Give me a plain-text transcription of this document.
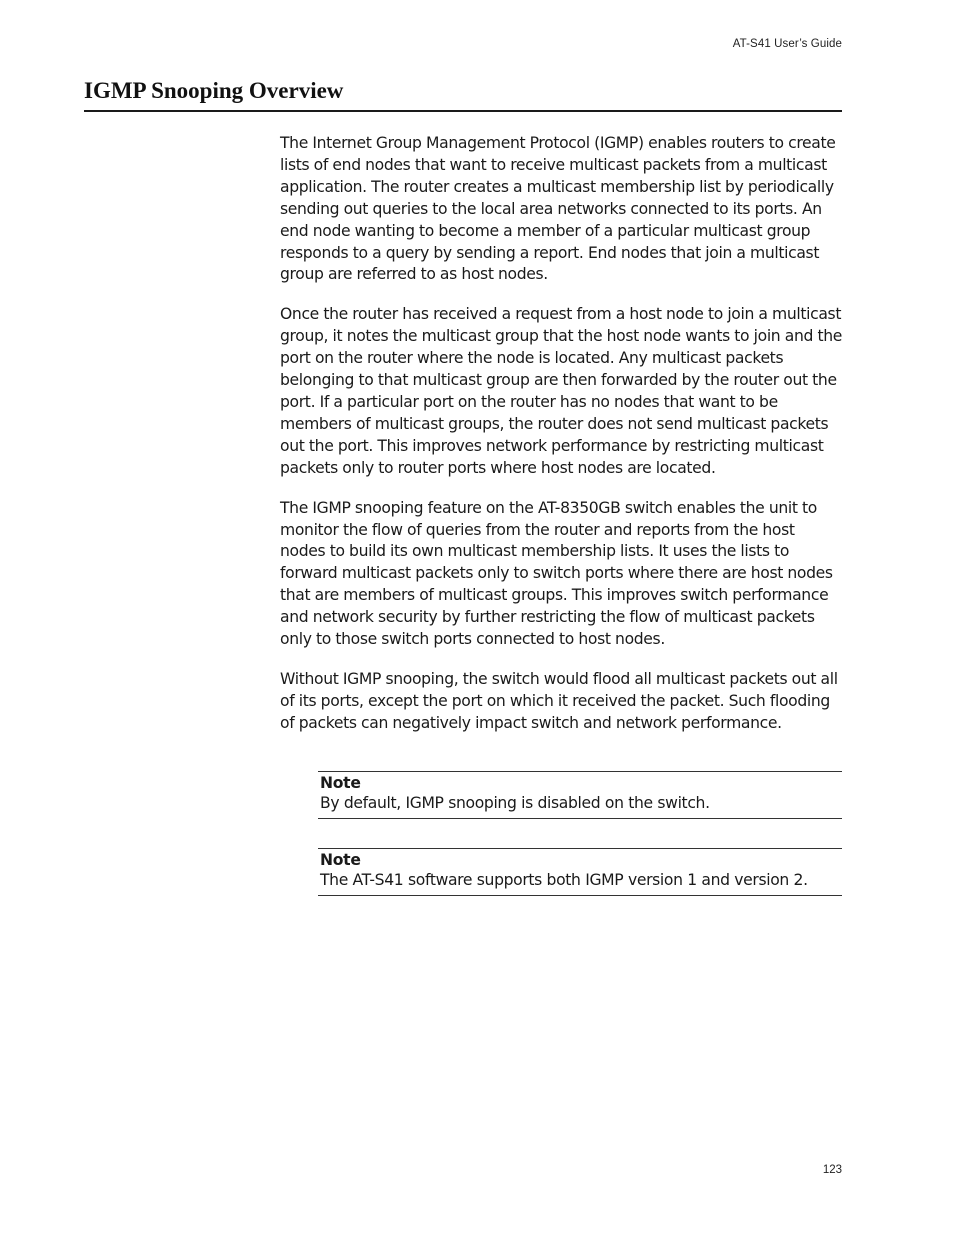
AT-S41 User’s Guide
IGMP Snooping Overview

The Internet Group Management Protocol (IGMP) enables routers to create lists of end nodes that want to receive multicast packets from a multicast application. The router creates a multicast membership list by periodically sending out queries to the local area networks connected to its ports. An end node wanting to become a member of a particular multicast group responds to a query by sending a report. End nodes that join a multicast group are referred to as host nodes.

Once the router has received a request from a host node to join a multicast group, it notes the multicast group that the host node wants to join and the port on the router where the node is located. Any multicast packets belonging to that multicast group are then forwarded by the router out the port. If a particular port on the router has no nodes that want to be members of multicast groups, the router does not send multicast packets out the port. This improves network performance by restricting multicast packets only to router ports where host nodes are located.

The IGMP snooping feature on the AT-8350GB switch enables the unit to monitor the flow of queries from the router and reports from the host nodes to build its own multicast membership lists. It uses the lists to forward multicast packets only to switch ports where there are host nodes that are members of multicast groups. This improves switch performance and network security by further restricting the flow of multicast packets only to those switch ports connected to host nodes.

Without IGMP snooping, the switch would flood all multicast packets out all of its ports, except the port on which it received the packet. Such flooding of packets can negatively impact switch and network performance.

Note
By default, IGMP snooping is disabled on the switch.
Note
The AT-S41 software supports both IGMP version 1 and version 2.
123
